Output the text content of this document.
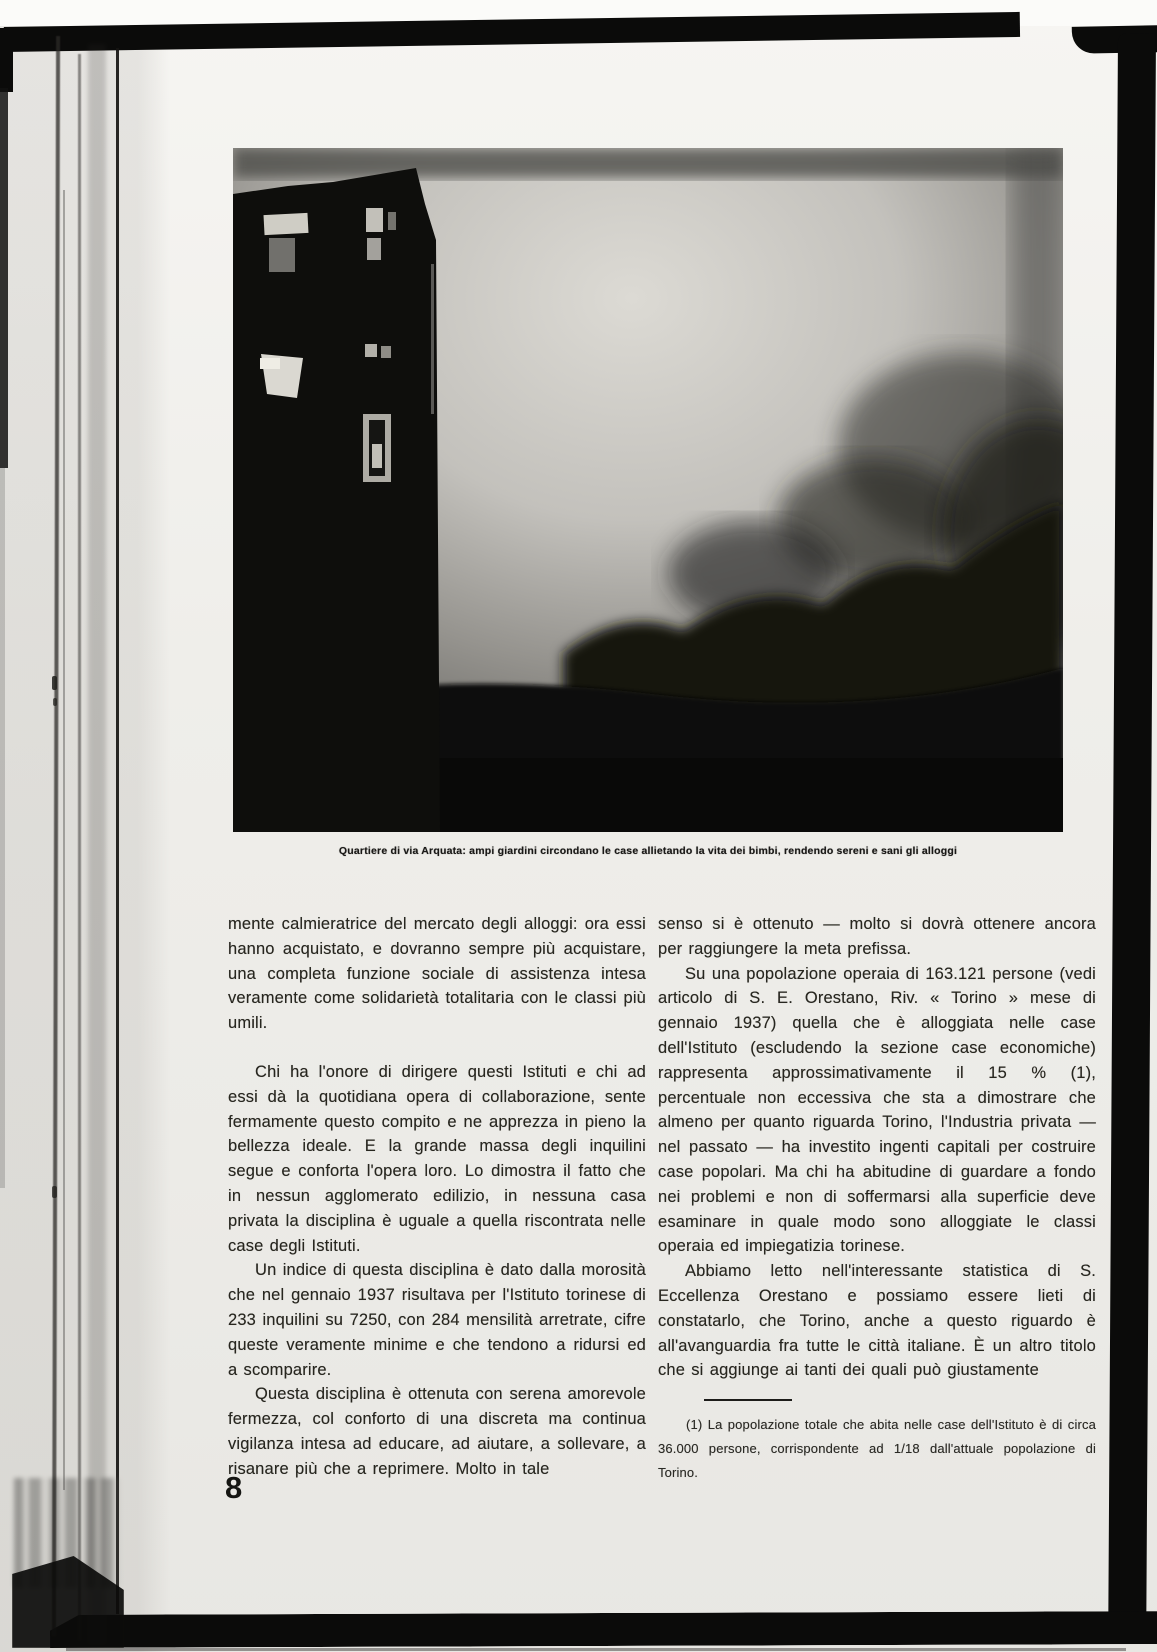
Quartiere di via Arquata: ampi giardini circondano le case allietando la vita dei bimbi, rendendo sereni e sani gli alloggi

mente calmieratrice del mercato degli alloggi: ora essi hanno acquistato, e dovranno sempre più acquistare, una completa funzione sociale di assistenza intesa veramente come solidarietà totalitaria con le classi più umili.

Chi ha l'onore di dirigere questi Istituti e chi ad essi dà la quotidiana opera di collaborazione, sente fermamente questo compito e ne apprezza in pieno la bellezza ideale. E la grande massa degli inquilini segue e conforta l'opera loro. Lo dimostra il fatto che in nessun agglomerato edilizio, in nessuna casa privata la disciplina è uguale a quella riscontrata nelle case degli Istituti.

Un indice di questa disciplina è dato dalla morosità che nel gennaio 1937 risultava per l'Istituto torinese di 233 inquilini su 7250, con 284 mensilità arretrate, cifre queste veramente minime e che tendono a ridursi ed a scomparire.

Questa disciplina è ottenuta con serena amorevole fermezza, col conforto di una discreta ma continua vigilanza intesa ad educare, ad aiutare, a sollevare, a risanare più che a reprimere. Molto in tale

senso si è ottenuto — molto si dovrà ottenere ancora per raggiungere la meta prefissa.

Su una popolazione operaia di 163.121 persone (vedi articolo di S. E. Orestano, Riv. « Torino » mese di gennaio 1937) quella che è alloggiata nelle case dell'Istituto (escludendo la sezione case economiche) rappresenta approssimativamente il 15 % (1), percentuale non eccessiva che sta a dimostrare che almeno per quanto riguarda Torino, l'Industria privata — nel passato — ha investito ingenti capitali per costruire case popolari. Ma chi ha abitudine di guardare a fondo nei problemi e non di soffermarsi alla superficie deve esaminare in quale modo sono alloggiate le classi operaia ed impiegatizia torinese.

Abbiamo letto nell'interessante statistica di S. Eccellenza Orestano e possiamo essere lieti di constatarlo, che Torino, anche a questo riguardo è all'avanguardia fra tutte le città italiane. È un altro titolo che si aggiunge ai tanti dei quali può giustamente

(1) La popolazione totale che abita nelle case dell'Istituto è di circa 36.000 persone, corrispondente ad 1/18 dall'attuale popolazione di Torino.

8
